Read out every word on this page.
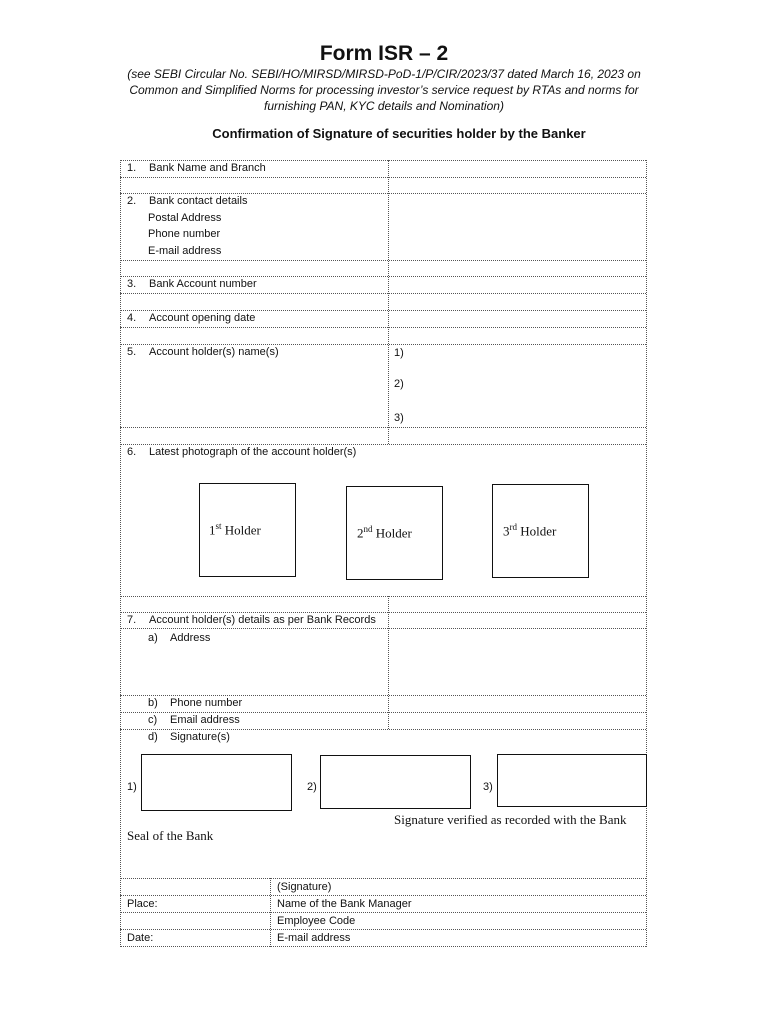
Form ISR – 2
(see SEBI Circular No. SEBI/HO/MIRSD/MIRSD-PoD-1/P/CIR/2023/37 dated March 16, 2023 on Common and Simplified Norms for processing investor’s service request by RTAs and norms for furnishing PAN, KYC details and Nomination)
Confirmation of Signature of securities holder by the Banker
1. Bank Name and Branch
2. Bank contact details
Postal Address
Phone number
E-mail address
3. Bank Account number
4. Account opening date
5. Account holder(s) name(s)	1)
2)
3)
6. Latest photograph of the account holder(s)
1st Holder	2nd Holder	3rd Holder
7. Account holder(s) details as per Bank Records
a) Address
b) Phone number
c) Email address
d) Signature(s)
1)	2)	3)
Signature verified as recorded with the Bank
Seal of the Bank
(Signature)
Place:	Name of the Bank Manager
Employee Code
Date:	E-mail address
